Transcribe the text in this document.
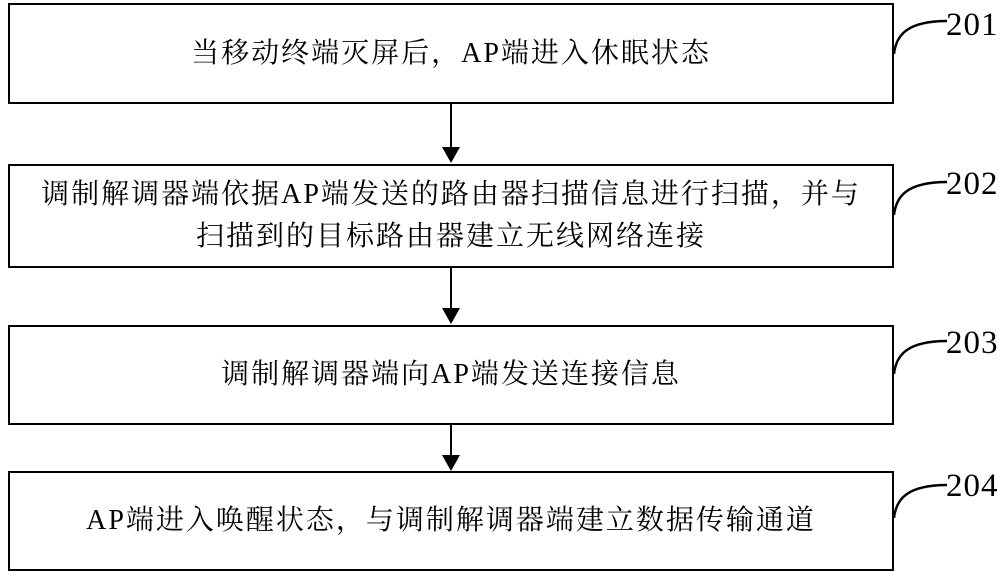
当移动终端灭屏后，AP端进入休眠状态
调制解调器端依据AP端发送的路由器扫描信息进行扫描，并与
扫描到的目标路由器建立无线网络连接
调制解调器端向AP端发送连接信息
AP端进入唤醒状态，与调制解调器端建立数据传输通道
201
202
203
204
